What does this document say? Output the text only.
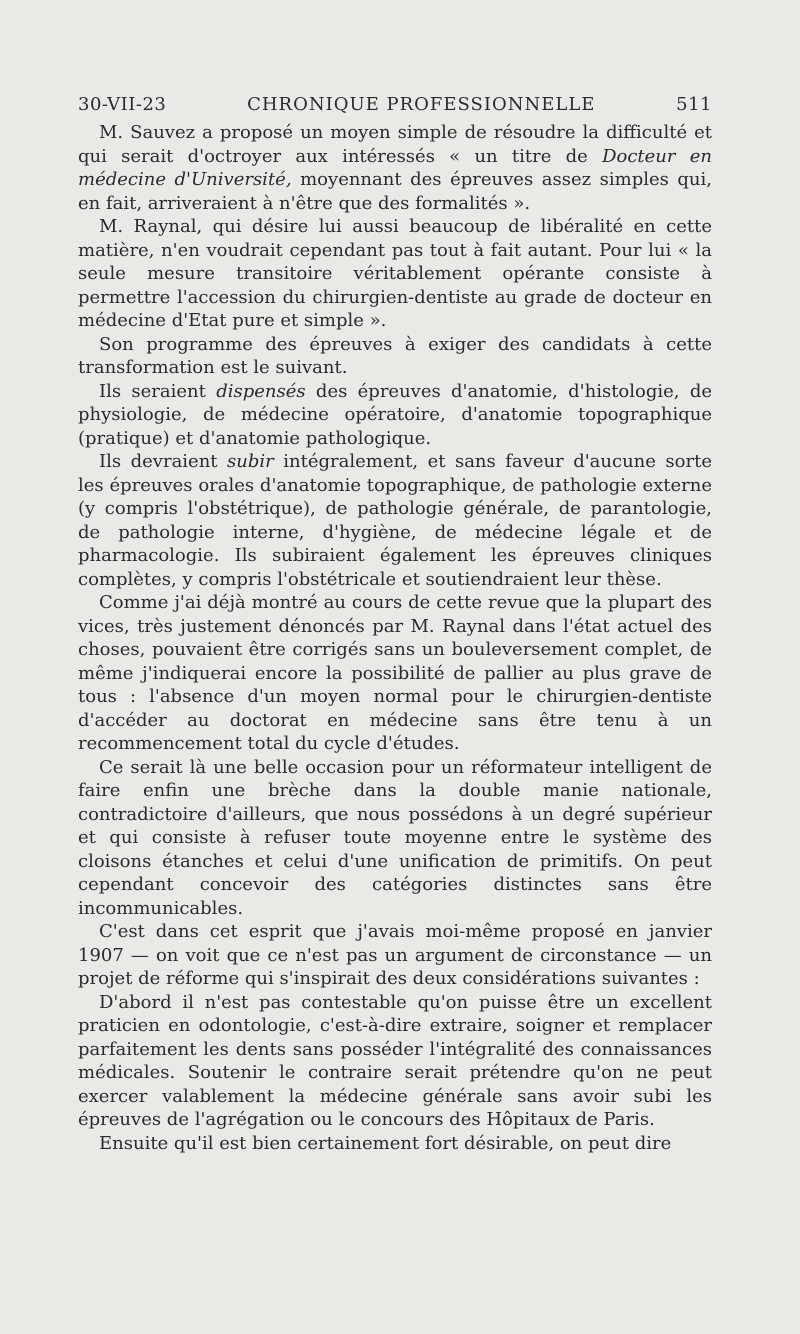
30-VII-23	CHRONIQUE PROFESSIONNELLE	511

M. Sauvez a proposé un moyen simple de résoudre la difficulté et qui serait d'octroyer aux intéressés « un titre de Docteur en médecine d'Université, moyennant des épreuves assez simples qui, en fait, arriveraient à n'être que des formalités ».

M. Raynal, qui désire lui aussi beaucoup de libéralité en cette matière, n'en voudrait cependant pas tout à fait autant. Pour lui « la seule mesure transitoire véritablement opérante consiste à permettre l'accession du chirurgien-dentiste au grade de docteur en médecine d'Etat pure et simple ».

Son programme des épreuves à exiger des candidats à cette transformation est le suivant.

Ils seraient dispensés des épreuves d'anatomie, d'histologie, de physiologie, de médecine opératoire, d'anatomie topographique (pratique) et d'anatomie pathologique.

Ils devraient subir intégralement, et sans faveur d'aucune sorte les épreuves orales d'anatomie topographique, de pathologie externe (y compris l'obstétrique), de pathologie générale, de parantologie, de pathologie interne, d'hygiène, de médecine légale et de pharmacologie. Ils subiraient également les épreuves cliniques complètes, y compris l'obstétricale et soutiendraient leur thèse.

Comme j'ai déjà montré au cours de cette revue que la plupart des vices, très justement dénoncés par M. Raynal dans l'état actuel des choses, pouvaient être corrigés sans un bouleversement complet, de même j'indiquerai encore la possibilité de pallier au plus grave de tous : l'absence d'un moyen normal pour le chirurgien-dentiste d'accéder au doctorat en médecine sans être tenu à un recommencement total du cycle d'études.

Ce serait là une belle occasion pour un réformateur intelligent de faire enfin une brèche dans la double manie nationale, contradictoire d'ailleurs, que nous possédons à un degré supérieur et qui consiste à refuser toute moyenne entre le système des cloisons étanches et celui d'une unification de primitifs. On peut cependant concevoir des catégories distinctes sans être incommunicables.

C'est dans cet esprit que j'avais moi-même proposé en janvier 1907 — on voit que ce n'est pas un argument de circonstance — un projet de réforme qui s'inspirait des deux considérations suivantes :

D'abord il n'est pas contestable qu'on puisse être un excellent praticien en odontologie, c'est-à-dire extraire, soigner et remplacer parfaitement les dents sans posséder l'intégralité des connaissances médicales. Soutenir le contraire serait prétendre qu'on ne peut exercer valablement la médecine générale sans avoir subi les épreuves de l'agrégation ou le concours des Hôpitaux de Paris.

Ensuite qu'il est bien certainement fort désirable, on peut dire
